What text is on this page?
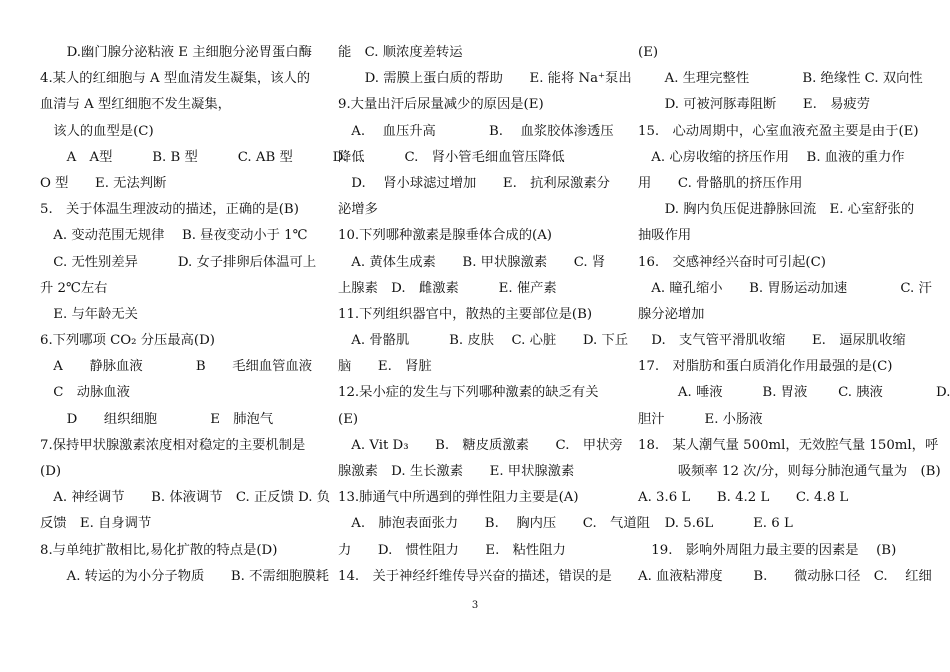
　　D.幽门腺分泌粘液 E 主细胞分泌胃蛋白酶
4.某人的红细胞与 A 型血清发生凝集，该人的
血清与 A 型红细胞不发生凝集，
　该人的血型是(C)
　　A　A型　　　B. B 型　　　C. AB 型　　　D.
O 型　　E. 无法判断
5.　关于体温生理波动的描述，正确的是(B)
　A. 变动范围无规律　 B. 昼夜变动小于 1℃
　C. 无性别差异　　　D. 女子排卵后体温可上
升 2℃左右
　E. 与年龄无关
6.下列哪项 CO₂ 分压最高(D)
　A　　静脉血液　　　　B　　毛细血管血液
　C　动脉血液
　　D　　组织细胞　　　　E　肺泡气
7.保持甲状腺激素浓度相对稳定的主要机制是
(D)
　A. 神经调节　　B. 体液调节　C. 正反馈 D. 负
反馈　E. 自身调节
8.与单纯扩散相比,易化扩散的特点是(D)
　　A. 转运的为小分子物质　　B. 不需细胞膜耗
能　C. 顺浓度差转运
　　D. 需膜上蛋白质的帮助　　E. 能将 Na⁺泵出
9.大量出汗后尿量减少的原因是(E)
　A.　 血压升高　　　　B.　 血浆胶体渗透压
降低　　　C.　肾小管毛细血管压降低
　D.　 肾小球滤过增加　　E.　抗利尿激素分
泌增多
10.下列哪种激素是腺垂体合成的(A)
　A. 黄体生成素　　B. 甲状腺激素　　C. 肾
上腺素　D.　雌激素　　　E. 催产素
11.下列组织器官中，散热的主要部位是(B)
　A. 骨骼肌　　　B. 皮肤　 C. 心脏　　D. 下丘
脑　　E.　肾脏
12.呆小症的发生与下列哪种激素的缺乏有关
(E)
　A. Vit D₃　　B.　糖皮质激素　　C.　甲状旁
腺激素　D. 生长激素　　E. 甲状腺激素
13.肺通气中所遇到的弹性阻力主要是(A)
　A.　肺泡表面张力　　B.　 胸内压　　C.　气道阻
力　　D.　惯性阻力　　E.　粘性阻力
14.　关于神经纤维传导兴奋的描述，错误的是
(E)
　　A. 生理完整性　　　　B. 绝缘性 C. 双向性
　　D. 可被河豚毒阻断　　E.　易疲劳
15.　心动周期中，心室血液充盈主要是由于(E)
　A. 心房收缩的挤压作用　 B. 血液的重力作
用　　C. 骨骼肌的挤压作用
　　D. 胸内负压促进静脉回流　E. 心室舒张的
抽吸作用
16.　交感神经兴奋时可引起(C)
　A. 瞳孔缩小　　B. 胃肠运动加速　　　　C. 汗
腺分泌增加
　D.　支气管平滑肌收缩　　E.　逼尿肌收缩
17.　对脂肪和蛋白质消化作用最强的是(C)
　　　A. 唾液　　　B. 胃液　　 C. 胰液　　　　D.
胆汁　　　E. 小肠液
18.　某人潮气量 500ml，无效腔气量 150ml，呼
　　　吸频率 12 次/分，则每分肺泡通气量为　(B)
A. 3.6 L　　B. 4.2 L　　C. 4.8 L
　　D. 5.6L　　　E. 6 L
　19.　影响外周阻力最主要的因素是　 (B)
A. 血液粘滞度　　 B.　　微动脉口径　C.　 红细
3
